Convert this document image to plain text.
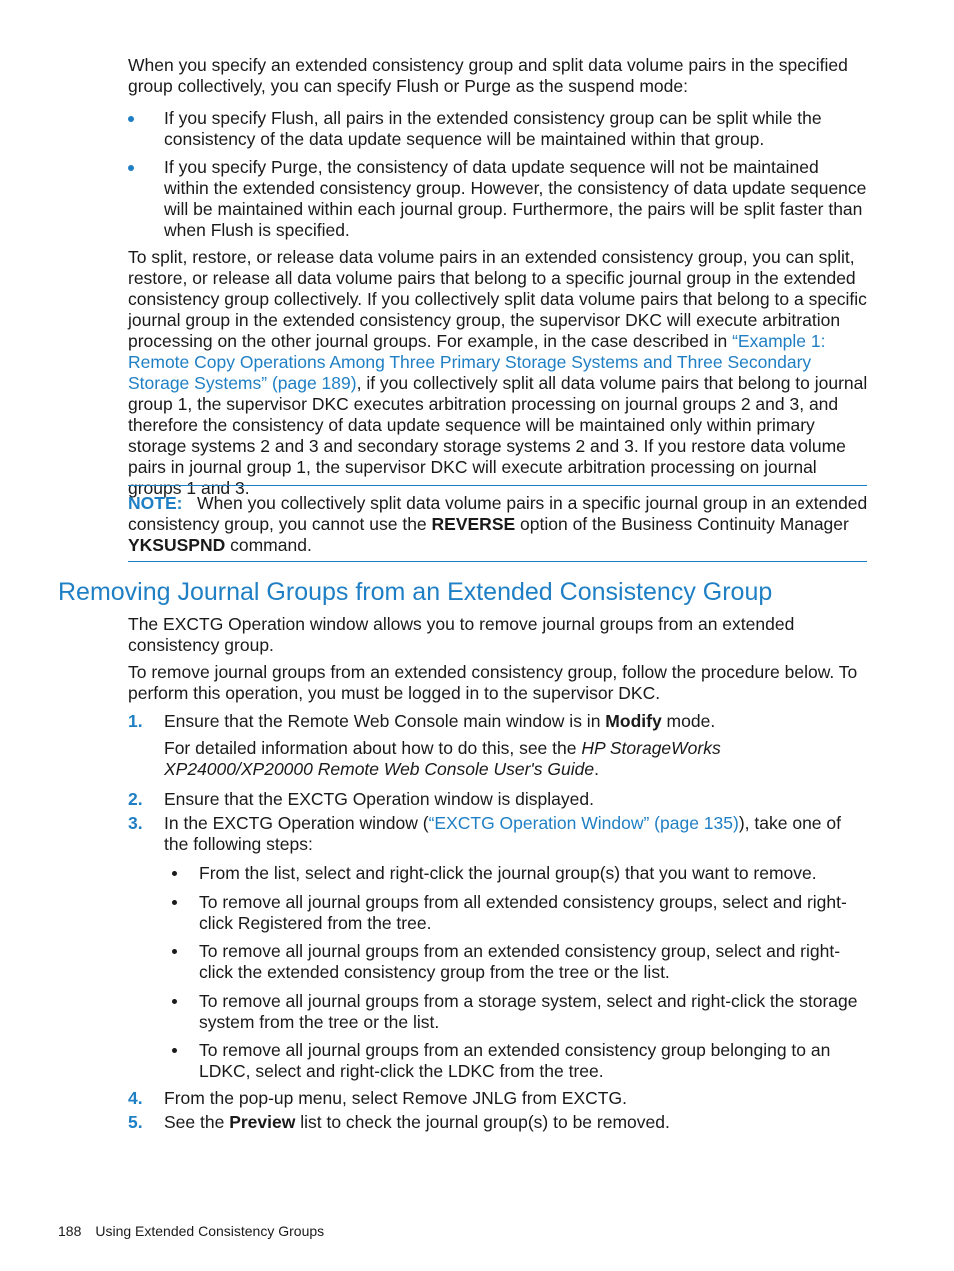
When you specify an extended consistency group and split data volume pairs in the specified group collectively, you can specify Flush or Purge as the suspend mode:

If you specify Flush, all pairs in the extended consistency group can be split while the consistency of the data update sequence will be maintained within that group.

If you specify Purge, the consistency of data update sequence will not be maintained within the extended consistency group. However, the consistency of data update sequence will be maintained within each journal group. Furthermore, the pairs will be split faster than when Flush is specified.

To split, restore, or release data volume pairs in an extended consistency group, you can split, restore, or release all data volume pairs that belong to a specific journal group in the extended consistency group collectively. If you collectively split data volume pairs that belong to a specific journal group in the extended consistency group, the supervisor DKC will execute arbitration processing on the other journal groups. For example, in the case described in “Example 1: Remote Copy Operations Among Three Primary Storage Systems and Three Secondary Storage Systems” (page 189), if you collectively split all data volume pairs that belong to journal group 1, the supervisor DKC executes arbitration processing on journal groups 2 and 3, and therefore the consistency of data update sequence will be maintained only within primary storage systems 2 and 3 and secondary storage systems 2 and 3. If you restore data volume pairs in journal group 1, the supervisor DKC will execute arbitration processing on journal groups 1 and 3.

NOTE: When you collectively split data volume pairs in a specific journal group in an extended consistency group, you cannot use the REVERSE option of the Business Continuity Manager YKSUSPND command.

Removing Journal Groups from an Extended Consistency Group

The EXCTG Operation window allows you to remove journal groups from an extended consistency group.

To remove journal groups from an extended consistency group, follow the procedure below. To perform this operation, you must be logged in to the supervisor DKC.

1. Ensure that the Remote Web Console main window is in Modify mode.

For detailed information about how to do this, see the HP StorageWorks XP24000/XP20000 Remote Web Console User's Guide.

2. Ensure that the EXCTG Operation window is displayed.

3. In the EXCTG Operation window (“EXCTG Operation Window” (page 135)), take one of the following steps:

From the list, select and right-click the journal group(s) that you want to remove.

To remove all journal groups from all extended consistency groups, select and right-click Registered from the tree.

To remove all journal groups from an extended consistency group, select and right-click the extended consistency group from the tree or the list.

To remove all journal groups from a storage system, select and right-click the storage system from the tree or the list.

To remove all journal groups from an extended consistency group belonging to an LDKC, select and right-click the LDKC from the tree.

4. From the pop-up menu, select Remove JNLG from EXCTG.

5. See the Preview list to check the journal group(s) to be removed.

188 Using Extended Consistency Groups
